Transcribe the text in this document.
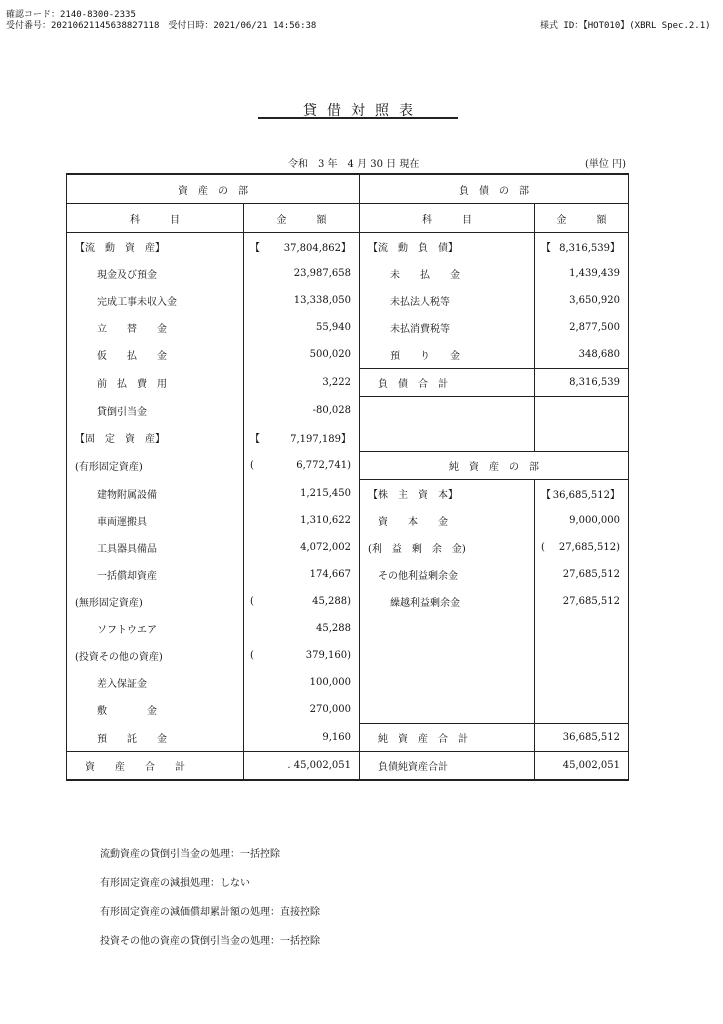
確認コード：2140-8300-2335
受付番号：20210621145638827118　受付日時：2021/06/21 14:56:38	様式 ID：【HOT010】(XBRL Spec.2.1)
貸借対照表
令和　3 年　4 月 30 日 現在	(単位 円)
資　産　の　部		負　債　の　部	
科　　　目	金　　　額	科　　　目	金　　　額
【流　動　資　産】	【 37,804,862】	【流　動　負　債】	【 8,316,539】
現金及び預金	23,987,658	未　　払　　金	1,439,439
完成工事未収入金	13,338,050	未払法人税等	3,650,920
立　　替　　金	55,940	未払消費税等	2,877,500
仮　　払　　金	500,020	預　　り　　金	348,680
前　払　費　用	3,222	負　債　合　計	8,316,539
貸倒引当金	-80,028		
【固　定　資　産】	【 7,197,189】		
(有形固定資産)	( 6,772,741)	純　資　産　の　部	
建物附属設備	1,215,450	【株　主　資　本】	【 36,685,512】
車両運搬具	1,310,622	資　　本　　金	9,000,000
工具器具備品	4,072,002	(利　益　剰　余　金)	( 27,685,512)
一括償却資産	174,667	その他利益剰余金	27,685,512
(無形固定資産)	( 45,288)	繰越利益剰余金	27,685,512
ソフトウエア	45,288		
(投資その他の資産)	( 379,160)		
差入保証金	100,000		
敷　　　　金	270,000		
預　　託　　金	9,160	純　資　産　合　計	36,685,512
資　　産　　合　　計	. 45,002,051	負債純資産合計	45,002,051
流動資産の貸倒引当金の処理：一括控除
有形固定資産の減損処理：しない
有形固定資産の減価償却累計額の処理：直接控除
投資その他の資産の貸倒引当金の処理：一括控除
